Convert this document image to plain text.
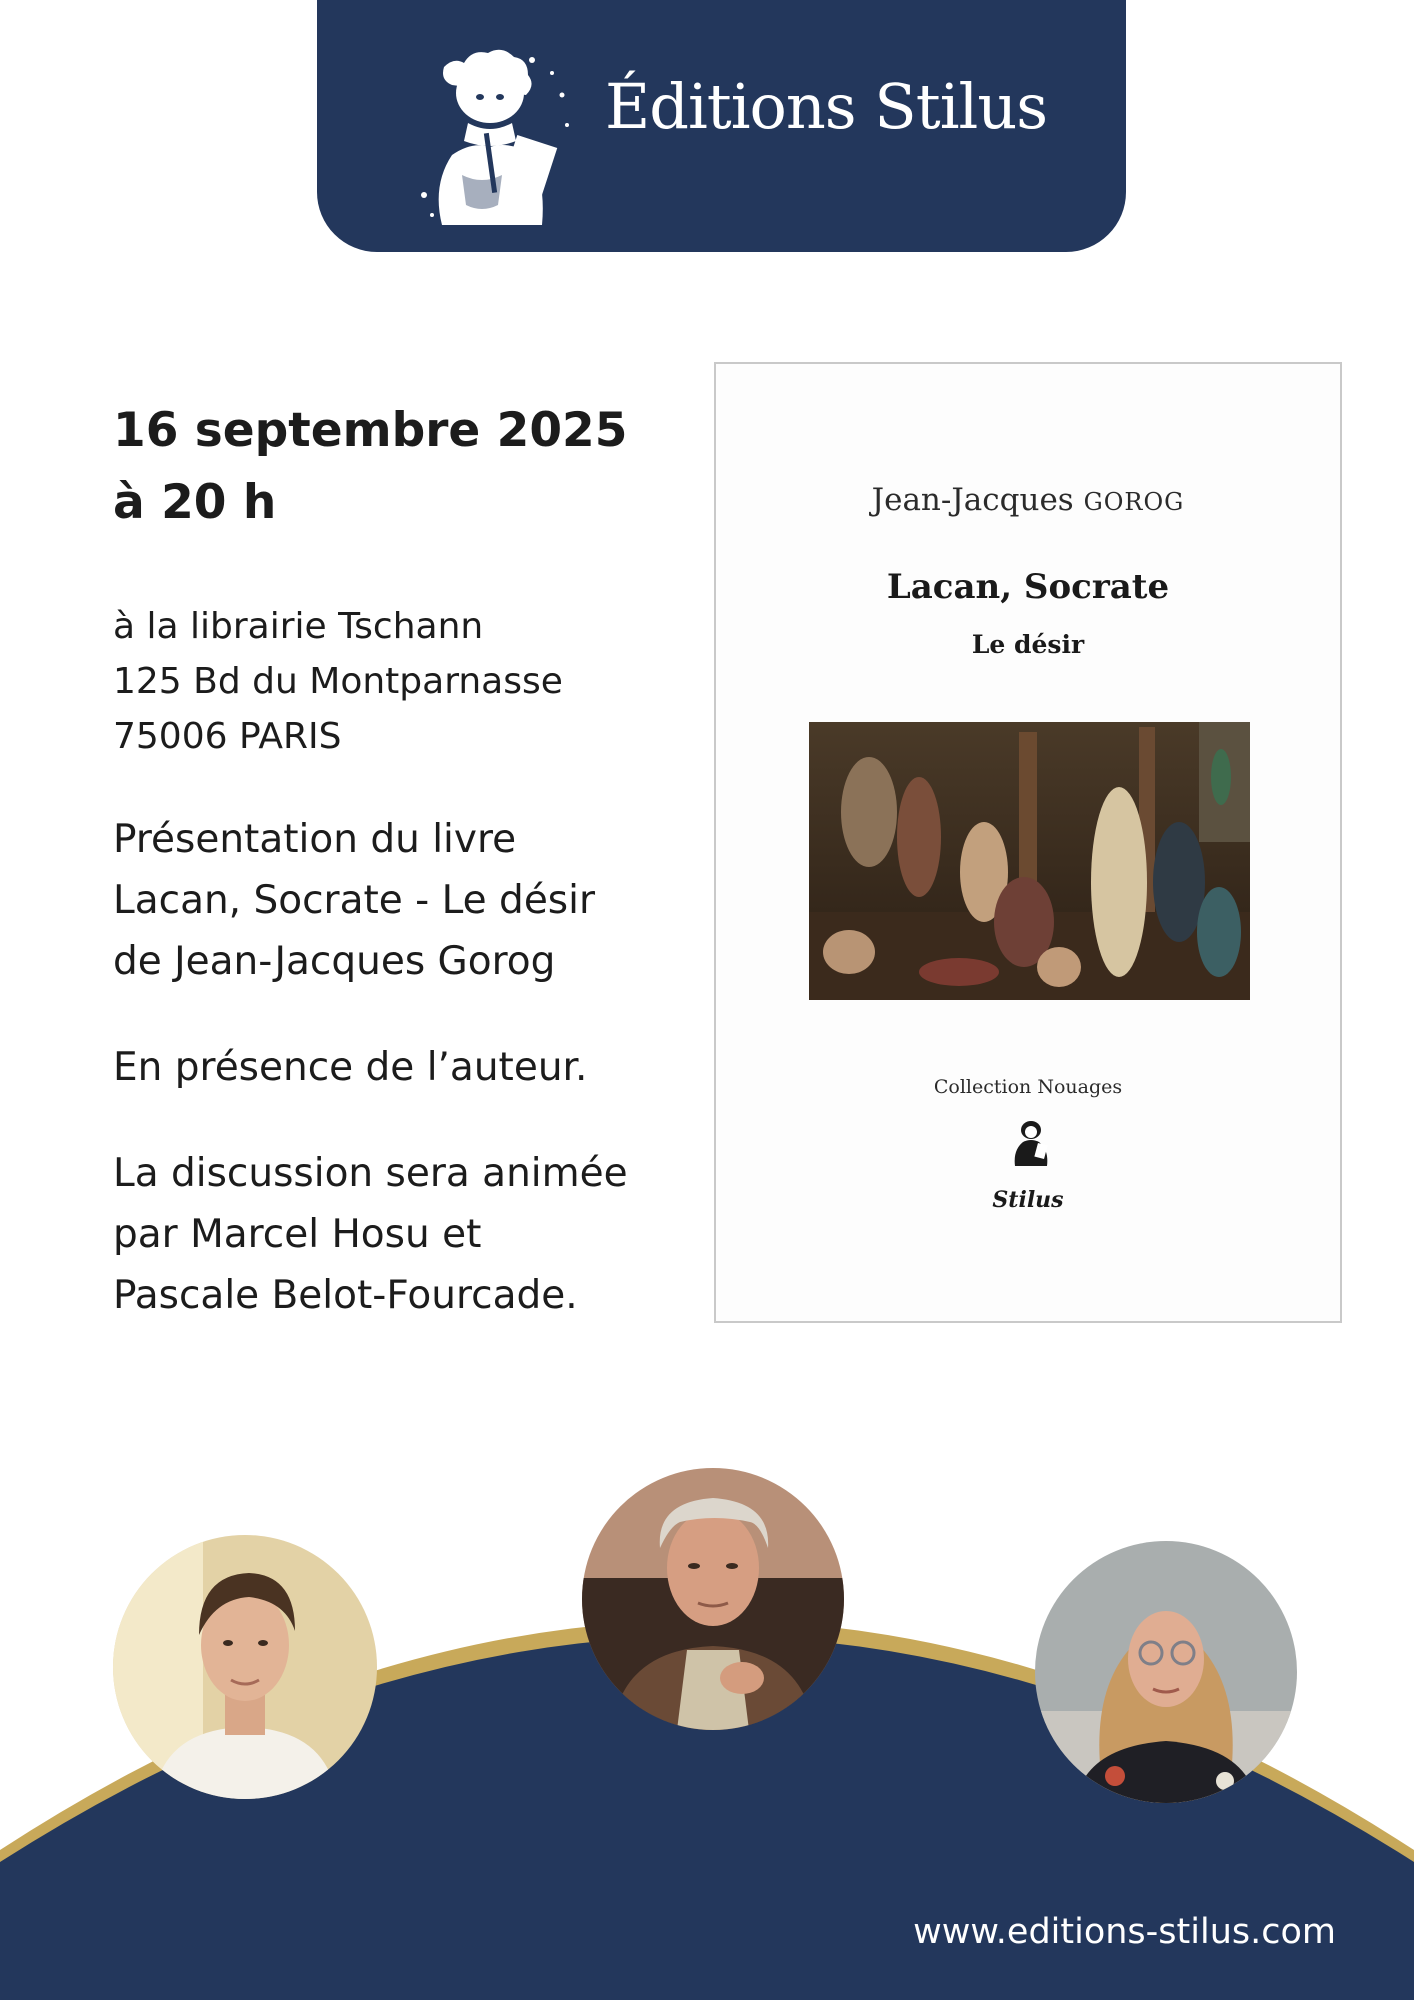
Éditions Stilus

16 septembre 2025

à 20 h

à la librairie Tschann
125 Bd du Montparnasse
75006 PARIS
Présentation du livre
Lacan, Socrate - Le désir
de Jean-Jacques Gorog
En présence de l’auteur.
La discussion sera animée
par Marcel Hosu et
Pascale Belot-Fourcade.
Jean-Jacques GOROG
Lacan, Socrate
Le désir
Collection Nouages
Stilus
www.editions-stilus.com
